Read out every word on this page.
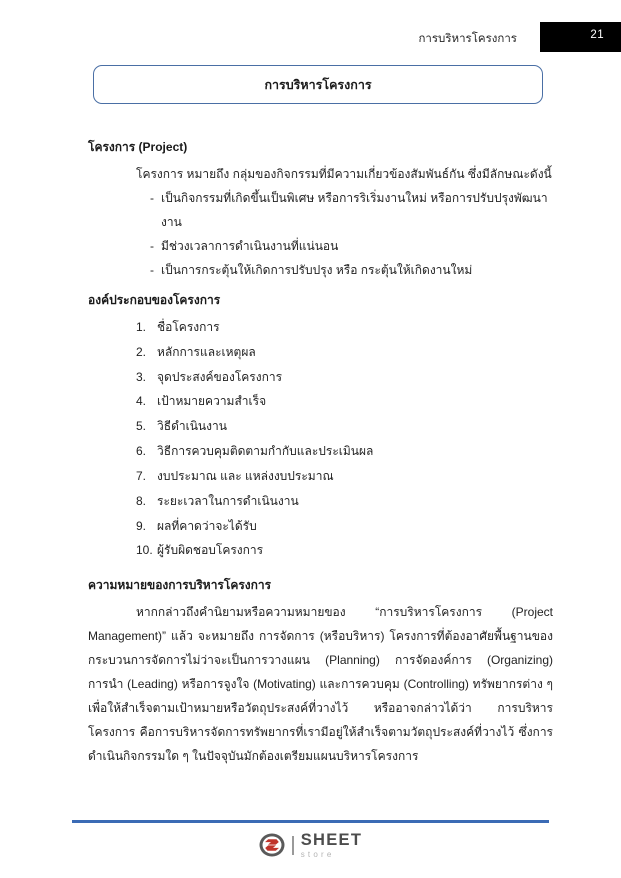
การบริหารโครงการ	21
การบริหารโครงการ
โครงการ (Project)

โครงการ หมายถึง กลุ่มของกิจกรรมที่มีความเกี่ยวข้องสัมพันธ์กัน ซึ่งมีลักษณะดังนี้

- เป็นกิจกรรมที่เกิดขึ้นเป็นพิเศษ หรือการริเริ่มงานใหม่ หรือการปรับปรุงพัฒนางาน
- มีช่วงเวลาการดำเนินงานที่แน่นอน
- เป็นการกระตุ้นให้เกิดการปรับปรุง หรือ กระตุ้นให้เกิดงานใหม่
องค์ประกอบของโครงการ
1. ชื่อโครงการ
2. หลักการและเหตุผล
3. จุดประสงค์ของโครงการ
4. เป้าหมายความสำเร็จ
5. วิธีดำเนินงาน
6. วิธีการควบคุมติดตามกำกับและประเมินผล
7. งบประมาณ และ แหล่งงบประมาณ
8. ระยะเวลาในการดำเนินงาน
9. ผลที่คาดว่าจะได้รับ
10. ผู้รับผิดชอบโครงการ
ความหมายของการบริหารโครงการ

หากกล่าวถึงคำนิยามหรือความหมายของ “การบริหารโครงการ (Project Management)” แล้ว จะหมายถึง การจัดการ (หรือบริหาร) โครงการที่ต้องอาศัยพื้นฐานของกระบวนการจัดการไม่ว่าจะเป็นการวางแผน (Planning) การจัดองค์การ (Organizing) การนำ (Leading) หรือการจูงใจ (Motivating) และการควบคุม (Controlling) ทรัพยากรต่าง ๆ เพื่อให้สำเร็จตามเป้าหมายหรือวัตถุประสงค์ที่วางไว้ หรืออาจกล่าวได้ว่า การบริหารโครงการ คือการบริหารจัดการทรัพยากรที่เรามีอยู่ให้สำเร็จตามวัตถุประสงค์ที่วางไว้ ซึ่งการดำเนินกิจกรรมใด ๆ ในปัจจุบันมักต้องเตรียมแผนบริหารโครงการ

SHEET
store
